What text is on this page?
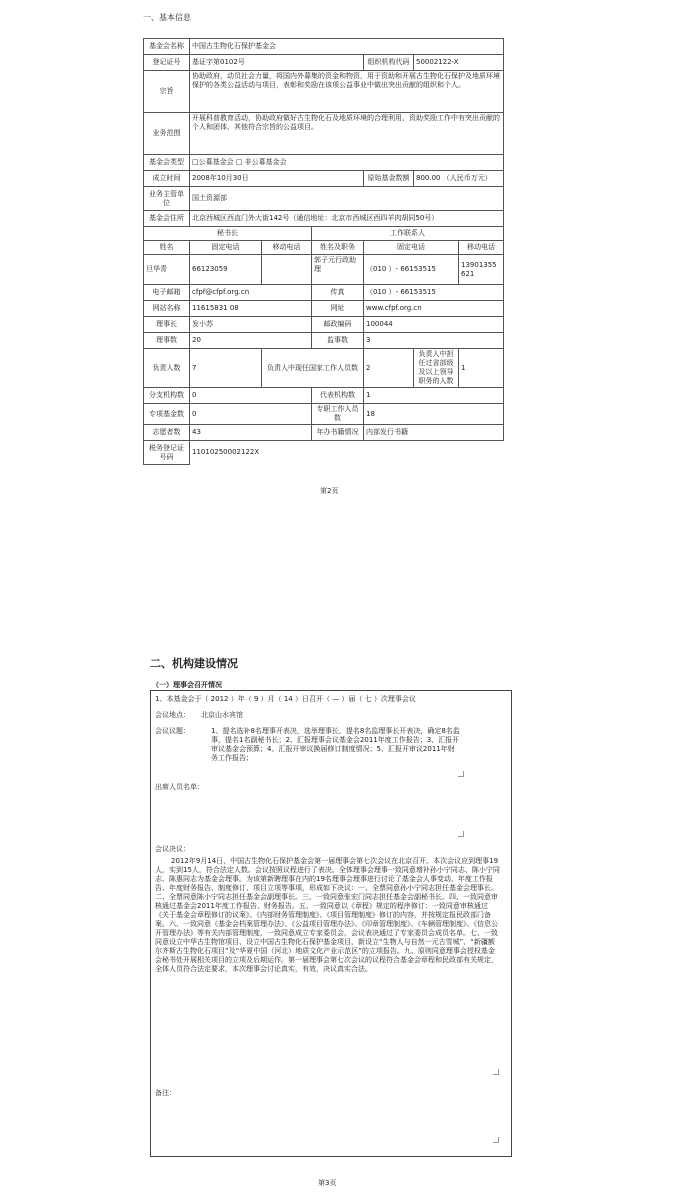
一、基本信息
基金会名称	中国古生物化石保护基金会					
登记证号	基证字第0102号			组织机构代码	50002122-X	
宗旨	协助政府，动员社会力量，将国内外募集的资金和物资，用于资助和开展古生物化石保护及地质环境保护的各类公益活动与项目，表彰和奖励在该项公益事业中做出突出贡献的组织和个人。					
业务范围	开展科普教育活动，协助政府做好古生物化石及地质环境的合理利用，资助奖励工作中有突出贡献的个人和团体，其他符合宗旨的公益项目。					
基金会类型	□公募基金会 □ 非公募基金会					
成立时间	2008年10月30日			原始基金数额	800.00 （人民币万元）	
业务主管单位	国土资源部					
基金会住所	北京西城区西直门外大街142号（通信地址：北京市西城区西四羊肉胡同50号）					
秘书长			工作联系人			
姓名	固定电话	移动电话	姓名及职务	固定电话		移动电话
旦华青	66123059		郭子元行政助理	（010 ）- 66153515		13901355621
电子邮箱	cfpf@cfpf.org.cn		传真	（010 ）- 66153515		
网站名称	11615831 08		网址	www.cfpf.org.cn		
理事长	发小苏		邮政编码	100044		
理事数	20		监事数	3		
负责人数	7	负责人中现任国家工作人员数		2	负责人中担任过省部级及以上领导职务的人数	1
分支机构数	0		代表机构数	1		
专项基金数	0		专职工作人员数	18		
志愿者数	43		年办书籍情况	内部发行书籍		
税务登记证号码	11010250002122X					
第2页
二、机构建设情况
（一）理事会召开情况
1、本基金会于（ 2012 ）年（ 9 ）月（ 14 ）日召开（ — ）届（ 七 ）次理事会议
会议地点： 北京山水宾馆
会议议题：	1、提名选补8名理事开表决，选举理事长，提名8名监理事长开表决，确定8名监事，提名1名副秘书长；2、汇报理事会议基金会2011年度工作报告；3、汇报开审议基金会预算；4、汇报开审议换届修订制度情况；5、汇报开审议2011年财务工作报告；
出席人员名单：
会议决议：
2012年9月14日，中国古生物化石保护基金会第一届理事会第七次会议在北京召开。本次会议应到理事19人，实到15人，符合法定人数。会议按照议程进行了表决。全体理事会理事一致同意增补孙小宁同志、陈小宁同志、陈惠同志为基金会理事。为该第新聘理事在内的19名理事会理事进行讨论了基金会人事变动、年度工作报告、年度财务报告、制度修订、项目立项等事项，形成如下决议：一、全票同意孙小宁同志担任基金会理事长。二、全票同意陈小宁同志担任基金会副理事长。三、一致同意张宏门同志担任基金会副秘书长。四、一致同意审核通过基金会2011年度工作报告、财务报告。五、一致同意以《章程》规定的程序修订：一致同意审核通过《关于基金会章程修订的议案》、《内部财务管理制度》、《项目管理制度》修订的内容，并按规定报民政部门备案。六、一致同意《基金会档案管理办法》、《公益项目管理办法》、《印章管理制度》、《车辆管理制度》、《信息公开管理办法》等有关内部管理制度，一致同意成立专家委员会，会议表决通过了专家委员会成员名单。七、一致同意设立中华古生物馆项目、设立中国古生物化石保护基金项目，新设立“生物人与自然一元古雪城”、“新疆额尔齐斯古生物化石项目”及“华夏中国（河北）地质文化产业示范区”的立项报告。九、原则同意理事会授权基金会秘书处开展相关项目的立项及后期运作。第一届理事会第七次会议的议程符合基金会章程和民政部有关规定，全体人员符合法定要求，本次理事会讨论真实，有效，决议真实合法。
备注：
第3页
